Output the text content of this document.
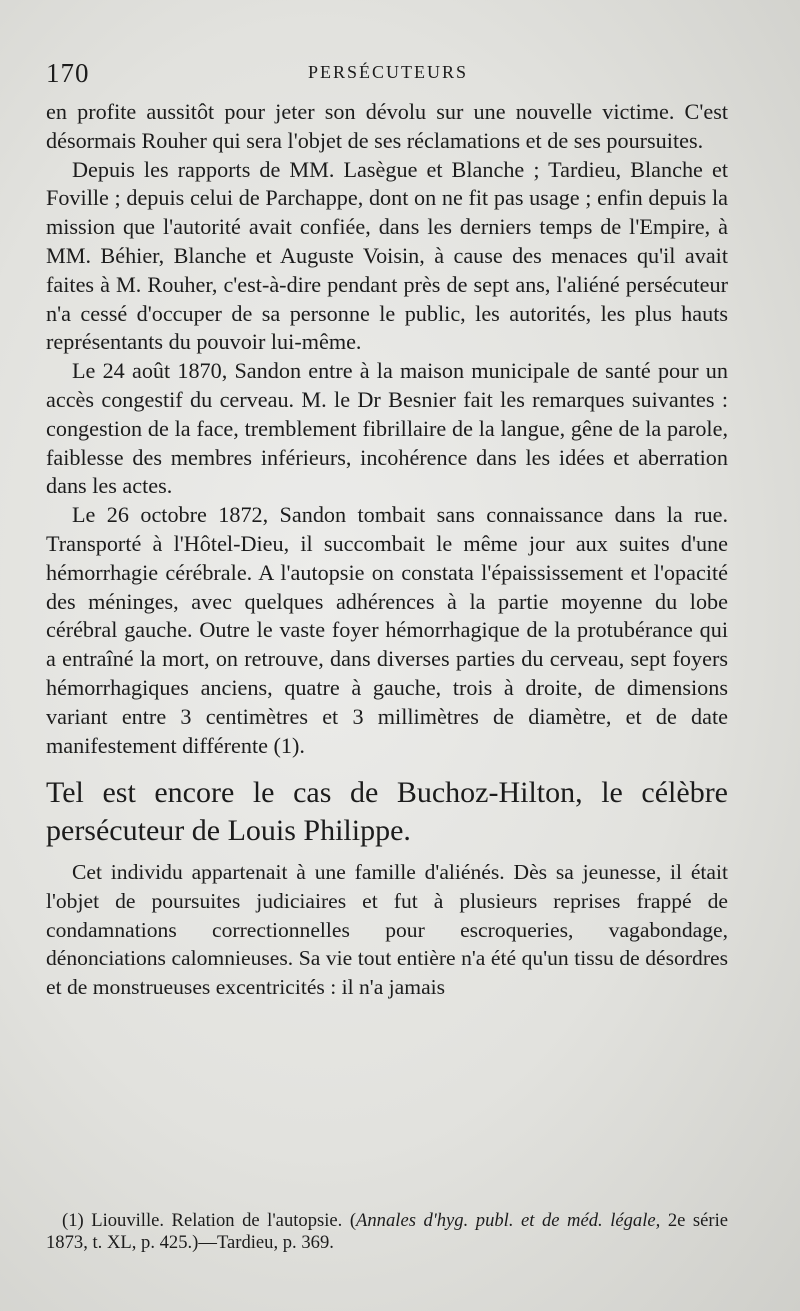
170	PERSÉCUTEURS

en profite aussitôt pour jeter son dévolu sur une nouvelle victime. C'est désormais Rouher qui sera l'objet de ses réclamations et de ses poursuites.

Depuis les rapports de MM. Lasègue et Blanche ; Tardieu, Blanche et Foville ; depuis celui de Parchappe, dont on ne fit pas usage ; enfin depuis la mission que l'autorité avait confiée, dans les derniers temps de l'Empire, à MM. Béhier, Blanche et Auguste Voisin, à cause des menaces qu'il avait faites à M. Rouher, c'est-à-dire pendant près de sept ans, l'aliéné persécuteur n'a cessé d'occuper de sa personne le public, les autorités, les plus hauts représentants du pouvoir lui-même.

Le 24 août 1870, Sandon entre à la maison municipale de santé pour un accès congestif du cerveau. M. le Dr Besnier fait les remarques suivantes : congestion de la face, tremblement fibrillaire de la langue, gêne de la parole, faiblesse des membres inférieurs, incohérence dans les idées et aberration dans les actes.

Le 26 octobre 1872, Sandon tombait sans connaissance dans la rue. Transporté à l'Hôtel-Dieu, il succombait le même jour aux suites d'une hémorrhagie cérébrale. A l'autopsie on constata l'épaississement et l'opacité des méninges, avec quelques adhérences à la partie moyenne du lobe cérébral gauche. Outre le vaste foyer hémorrhagique de la protubérance qui a entraîné la mort, on retrouve, dans diverses parties du cerveau, sept foyers hémorrhagiques anciens, quatre à gauche, trois à droite, de dimensions variant entre 3 centimètres et 3 millimètres de diamètre, et de date manifestement différente (1).

Tel est encore le cas de Buchoz-Hilton, le célèbre persécuteur de Louis Philippe.

Cet individu appartenait à une famille d'aliénés. Dès sa jeunesse, il était l'objet de poursuites judiciaires et fut à plusieurs reprises frappé de condamnations correctionnelles pour escroqueries, vagabondage, dénonciations calomnieuses. Sa vie tout entière n'a été qu'un tissu de désordres et de monstrueuses excentricités : il n'a jamais

(1) Liouville. Relation de l'autopsie. (Annales d'hyg. publ. et de méd. légale, 2e série 1873, t. XL, p. 425.)—Tardieu, p. 369.
